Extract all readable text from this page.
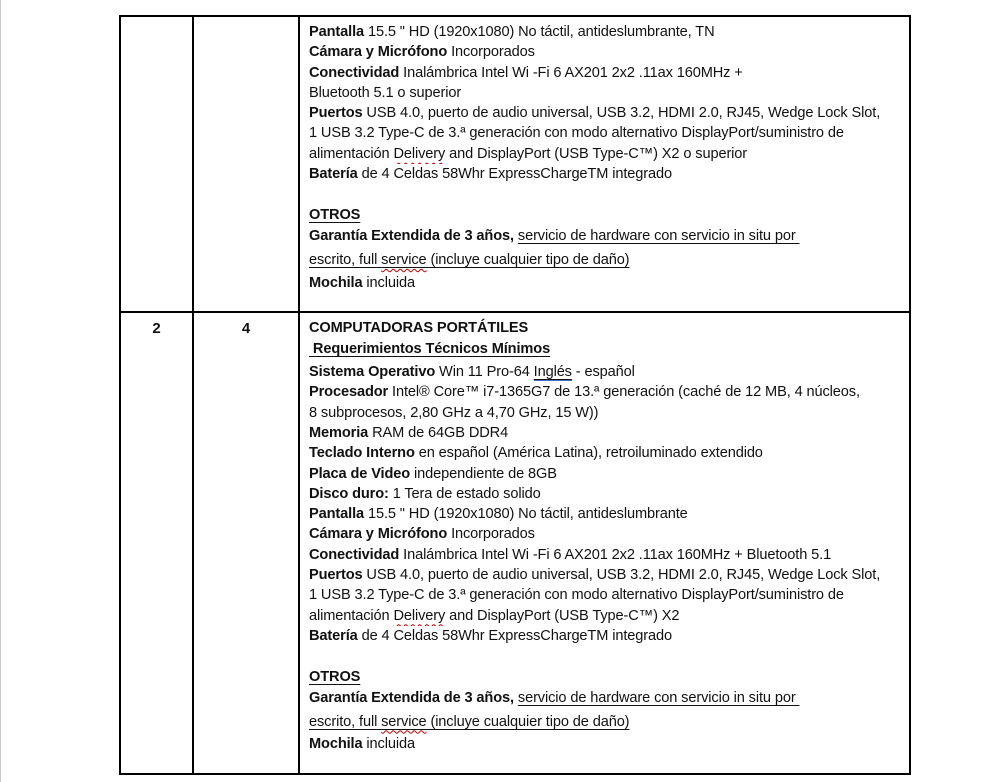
Pantalla 15.5 " HD (1920x1080) No táctil, antideslumbrante, TN
Cámara y Micrófono Incorporados
Conectividad Inalámbrica Intel Wi -Fi 6 AX201 2x2 .11ax 160MHz +
Bluetooth 5.1 o superior
Puertos USB 4.0, puerto de audio universal, USB 3.2, HDMI 2.0, RJ45, Wedge Lock Slot,
1 USB 3.2 Type-C de 3.ª generación con modo alternativo DisplayPort/suministro de
alimentación Delivery and DisplayPort (USB Type-C™) X2 o superior
Batería de 4 Celdas 58Whr ExpressChargeTM integrado
OTROS
Garantía Extendida de 3 años, servicio de hardware con servicio in situ por
escrito, full service (incluye cualquier tipo de daño)
Mochila incluida
2	4	COMPUTADORAS PORTÁTILES
Requerimientos Técnicos Mínimos
Sistema Operativo Win 11 Pro-64 Inglés - español
Procesador Intel® Core™ i7-1365G7 de 13.ª generación (caché de 12 MB, 4 núcleos,
8 subprocesos, 2,80 GHz a 4,70 GHz, 15 W))
Memoria RAM de 64GB DDR4
Teclado Interno en español (América Latina), retroiluminado extendido
Placa de Video independiente de 8GB
Disco duro: 1 Tera de estado solido
Pantalla 15.5 " HD (1920x1080) No táctil, antideslumbrante
Cámara y Micrófono Incorporados
Conectividad Inalámbrica Intel Wi -Fi 6 AX201 2x2 .11ax 160MHz + Bluetooth 5.1
Puertos USB 4.0, puerto de audio universal, USB 3.2, HDMI 2.0, RJ45, Wedge Lock Slot,
1 USB 3.2 Type-C de 3.ª generación con modo alternativo DisplayPort/suministro de
alimentación Delivery and DisplayPort (USB Type-C™) X2
Batería de 4 Celdas 58Whr ExpressChargeTM integrado
OTROS
Garantía Extendida de 3 años, servicio de hardware con servicio in situ por
escrito, full service (incluye cualquier tipo de daño)
Mochila incluida
